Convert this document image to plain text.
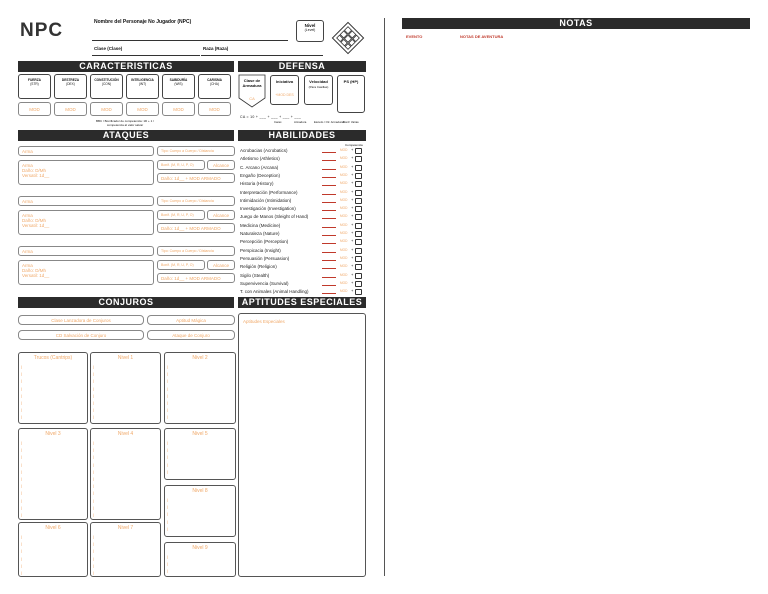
NPC	Nombre del Personaje No Jugador (NPC)
Clase (Clase)	Raza (Raza)
Nivel
(Level)
CARACTERISTICAS
FUERZA
(STR)
MOD
DESTREZA
(DEX)
MOD
CONSTITUCIÓN
(CON)
MOD
INTELIGENCIA
(INT)
MOD
SABIDURÍA
(WIS)
MOD
CARISMA
(CHA)
MOD
BBC / Bonificador de competencia: 1D + 1 / competencia al valor salvar
DEFENSA
Clase de Armadura
CA
Iniciativa
+MOD DES
Velocidad
(Para Casillas)
PS (HP)
CA = 10 + ___ + ___ + ___ + ___
Carac.	Armadura	Escudo / Otr. Armaduras
Bonif. Varias
ATAQUES
Arma	Tipo: Cuerpo a Cuerpo / Distancia
Arma
Daño: D/Mh
Versatil: 1d__
Bonif. (M, R, U, P, O)	Alcance
Daño: 1d__ + MOD ARMADO
Arma	Tipo: Cuerpo a Cuerpo / Distancia
Arma
Daño: D/Mh
Versatil: 1d__
Bonif. (M, R, U, P, O)	Alcance
Daño: 1d__ + MOD ARMADO
Arma	Tipo: Cuerpo a Cuerpo / Distancia
Arma
Daño: D/Mh
Versatil: 1d__
Bonif. (M, R, U, P, O)	Alcance
Daño: 1d__ + MOD ARMADO
HABILIDADES
Competencia
Acrobacias (Acrobatics)	MOD +
Atletismo (Athletics)	MOD +
C. Arcano (Arcana)	MOD +
Engaño (Deception)	MOD +
Historia (History)	MOD +
Interpretación (Performance)	MOD +
Intimidación (Intimidation)	MOD +
Investigación (Investigation)	MOD +
Juego de Manos (Sleight of Hand)	MOD +
Medicina (Medicine)	MOD +
Naturaleza (Nature)	MOD +
Percepción (Perception)	MOD +
Perspicacia (Insight)	MOD +
Persuasión (Persuasion)	MOD +
Religión (Religion)	MOD +
Sigilo (Stealth)	MOD +
Supervivencia (Survival)	MOD +
T. con Animales (Animal Handling)	MOD +
CONJUROS
Clase Lanzadora de Conjuros	Aptitud Mágica
CD Salvación de Conjuro	Ataque de Conjuro
Trucos (Cantrips)
|
|
|
|
|
|
|
|

Nivel 1
|
|
|
|
|
|
|
|

Nivel 2
|
|
|
|
|
|
|
|

Nivel 3
|
|
|
|
|
|
|
|
|
|
|

Nivel 4
|
|
|
|
|
|
|
|
|
|
|

Nivel 5
|
|
|
|
|

Nivel 8
|
|
|
|
|

Nivel 6
|
|
|
|
|
|

Nivel 7
|
|
|
|
|
|

Nivel 9
|
|
|

APTITUDES ESPECIALES
Aptitudes Especiales
NOTAS
EVENTO	NOTAS DE AVENTURA
